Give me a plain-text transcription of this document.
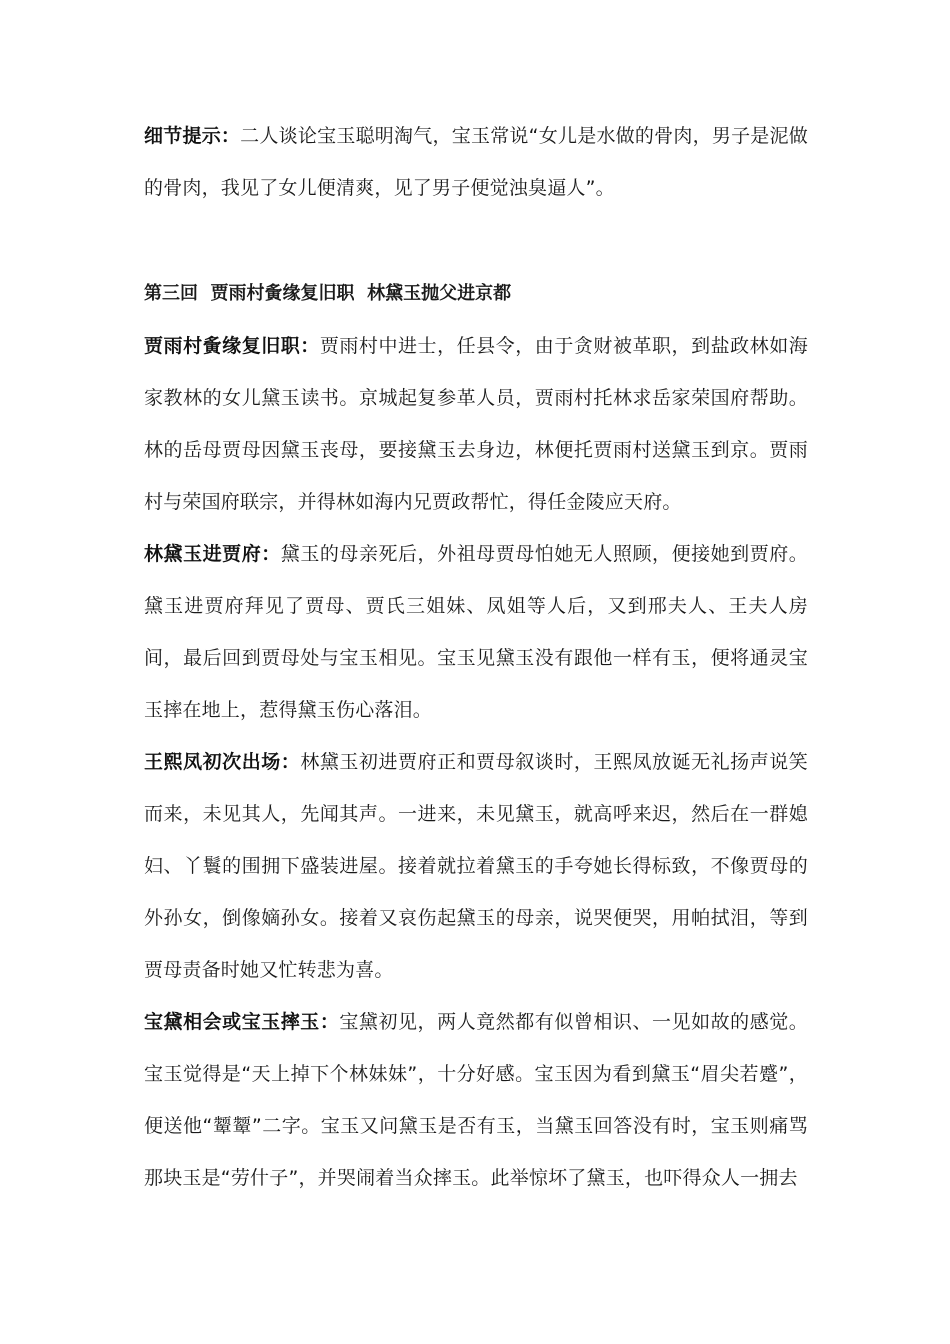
细节提示：二人谈论宝玉聪明淘气，宝玉常说“女儿是水做的骨肉，男子是泥做的骨肉，我见了女儿便清爽，见了男子便觉浊臭逼人”。

第三回  贾雨村夤缘复旧职  林黛玉抛父进京都

贾雨村夤缘复旧职：贾雨村中进士，任县令，由于贪财被革职，到盐政林如海家教林的女儿黛玉读书。京城起复参革人员，贾雨村托林求岳家荣国府帮助。林的岳母贾母因黛玉丧母，要接黛玉去身边，林便托贾雨村送黛玉到京。贾雨村与荣国府联宗，并得林如海内兄贾政帮忙，得任金陵应天府。

林黛玉进贾府：黛玉的母亲死后，外祖母贾母怕她无人照顾，便接她到贾府。黛玉进贾府拜见了贾母、贾氏三姐妹、凤姐等人后，又到邢夫人、王夫人房间，最后回到贾母处与宝玉相见。宝玉见黛玉没有跟他一样有玉，便将通灵宝玉摔在地上，惹得黛玉伤心落泪。

王熙凤初次出场：林黛玉初进贾府正和贾母叙谈时，王熙凤放诞无礼扬声说笑而来，未见其人，先闻其声。一进来，未见黛玉，就高呼来迟，然后在一群媳妇、丫鬟的围拥下盛装进屋。接着就拉着黛玉的手夸她长得标致，不像贾母的外孙女，倒像嫡孙女。接着又哀伤起黛玉的母亲，说哭便哭，用帕拭泪，等到贾母责备时她又忙转悲为喜。

宝黛相会或宝玉摔玉：宝黛初见，两人竟然都有似曾相识、一见如故的感觉。宝玉觉得是“天上掉下个林妹妹”，十分好感。宝玉因为看到黛玉“眉尖若蹙”，便送他“颦颦”二字。宝玉又问黛玉是否有玉，当黛玉回答没有时，宝玉则痛骂那块玉是“劳什子”，并哭闹着当众摔玉。此举惊坏了黛玉，也吓得众人一拥去
